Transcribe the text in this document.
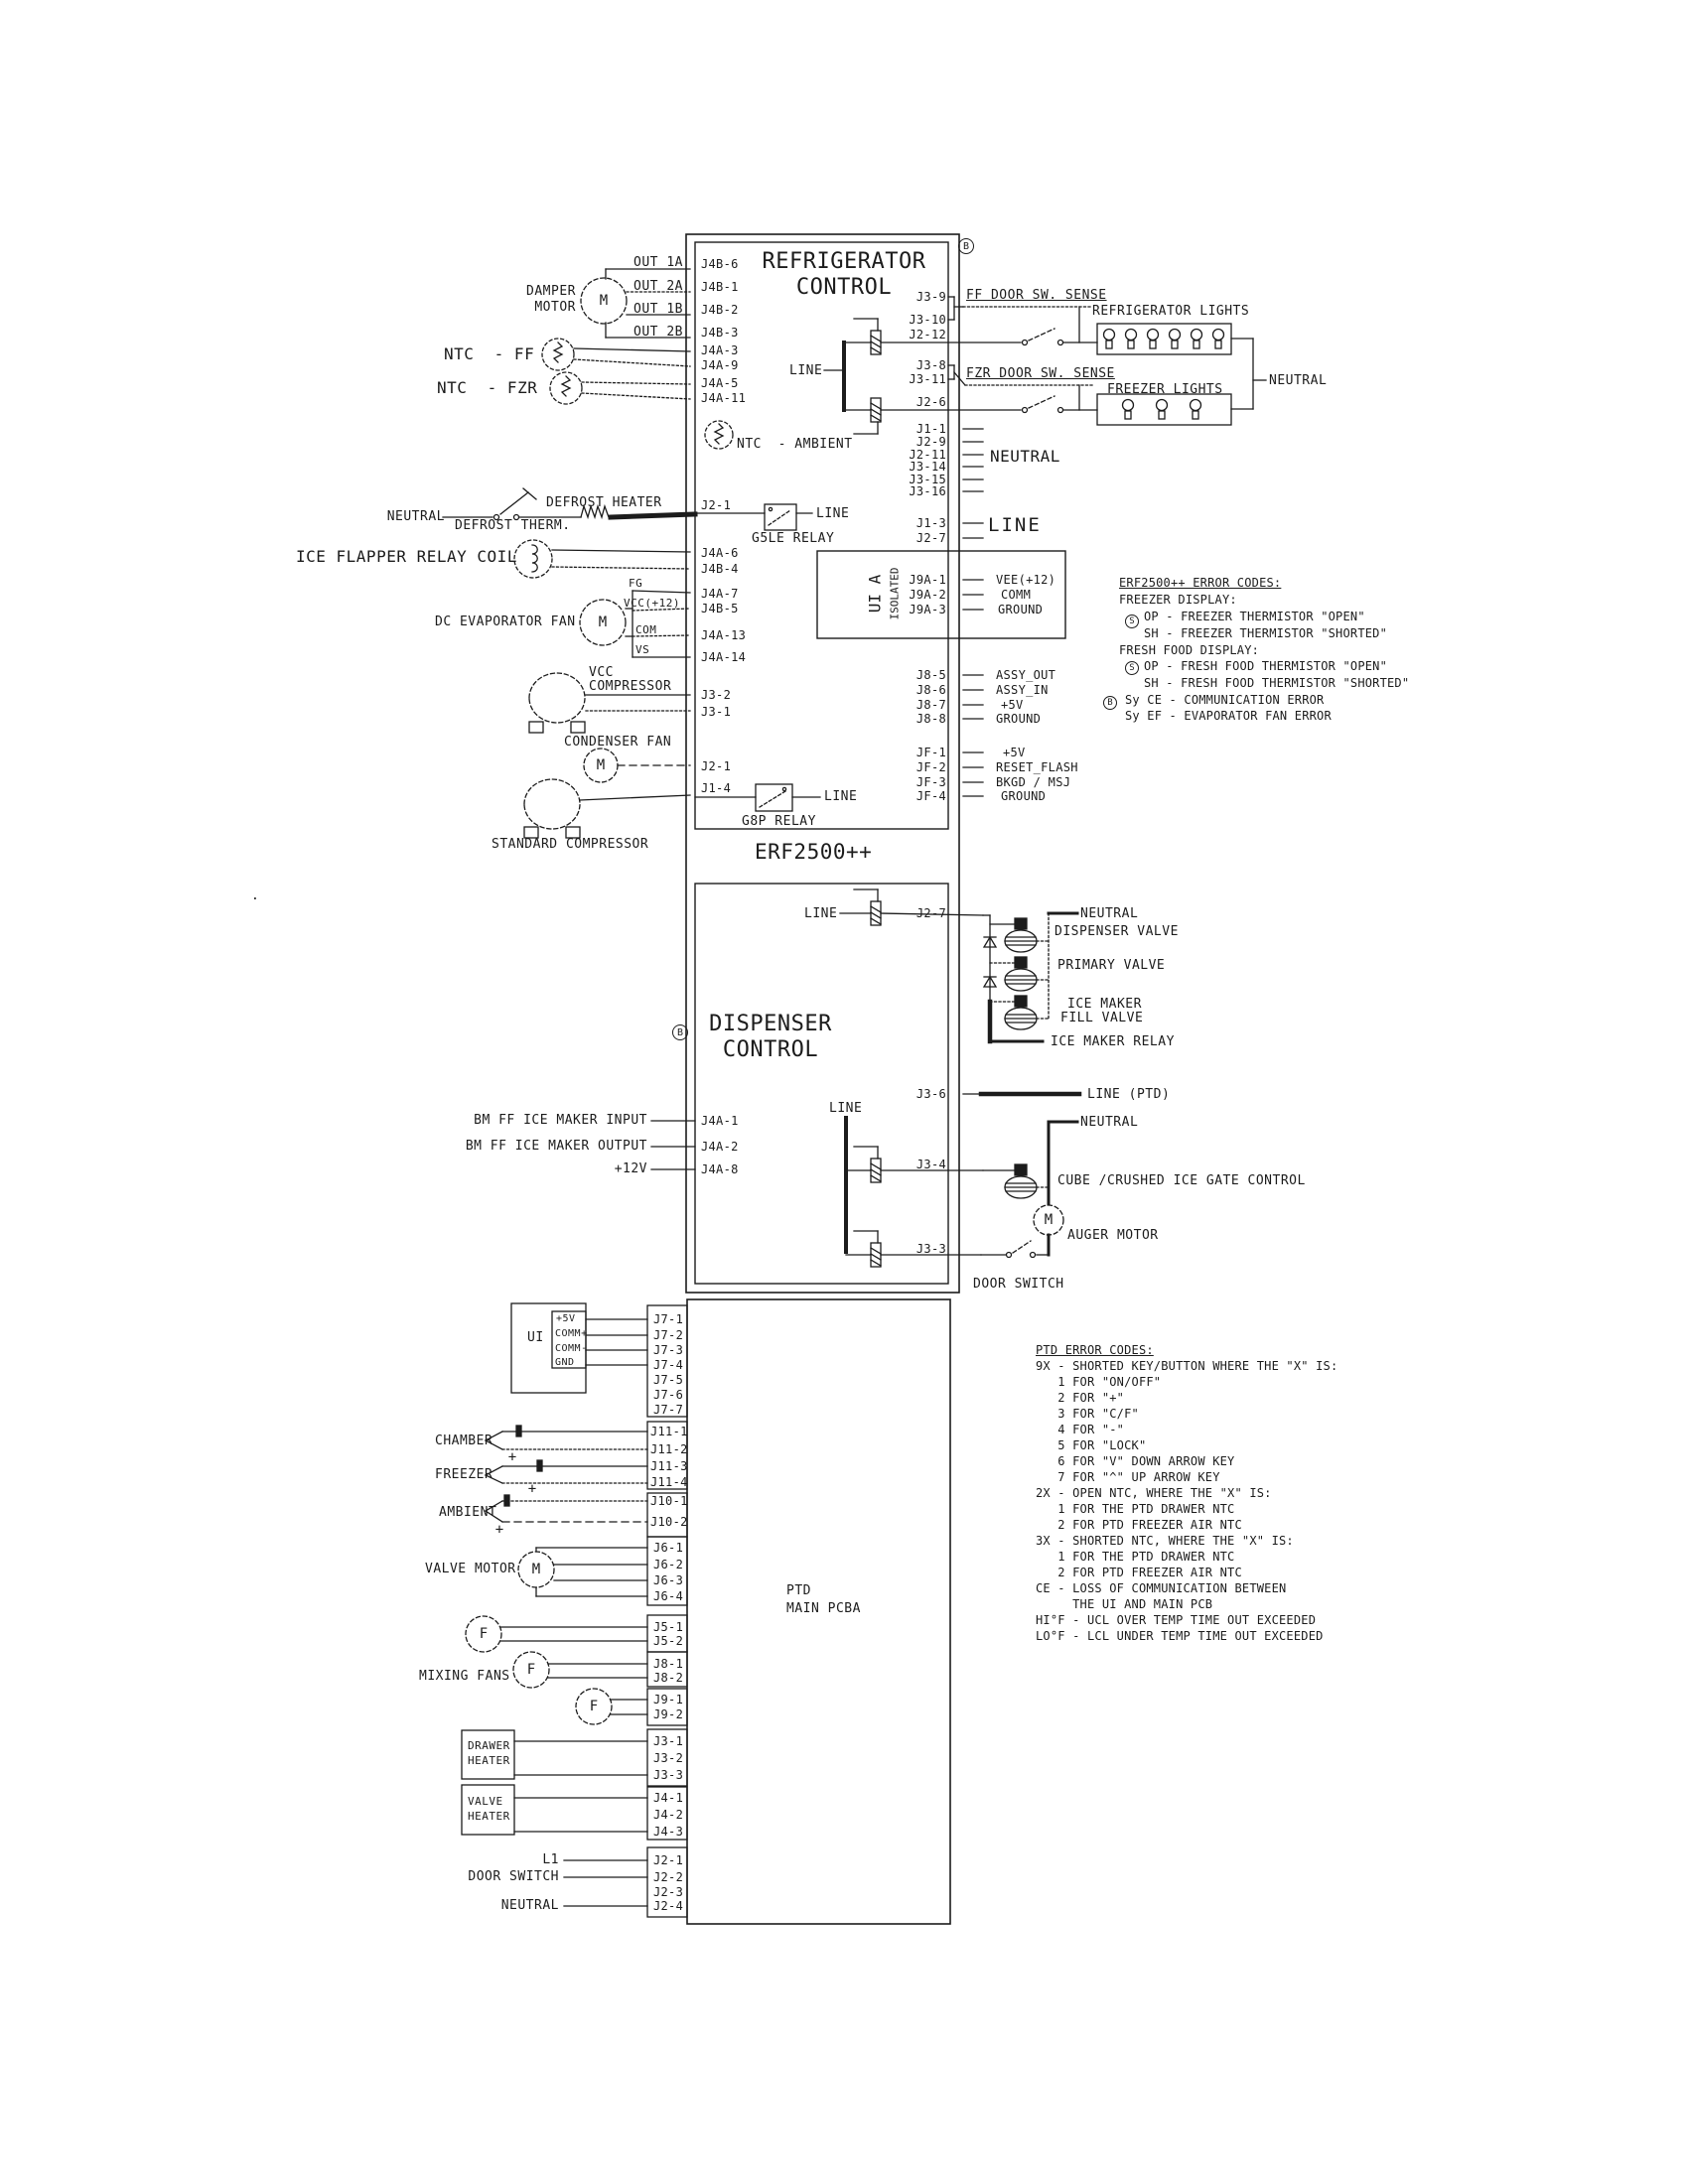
DAMPER
MOTOR
OUT 1A
OUT 2A
OUT 1B
OUT 2B
NTC  - FF
NTC  - FZR
NEUTRAL
DEFROST THERM.
DEFROST HEATER
ICE FLAPPER RELAY COIL
G5LE RELAY
LINE
DC EVAPORATOR FAN
FG
VCC(+12)
COM
VS
VCC
COMPRESSOR
CONDENSER FAN
STANDARD COMPRESSOR
G8P RELAY
LINE
REFRIGERATOR
CONTROL
NTC  - AMBIENT
LINE
FF DOOR SW. SENSE
REFRIGERATOR LIGHTS
FZR DOOR SW. SENSE
FREEZER LIGHTS
NEUTRAL
NEUTRAL
LINE
UI A ISOLATED
ERF2500++
DISPENSER
CONTROL
LINE	NEUTRAL
DISPENSER VALVE
PRIMARY VALVE
ICE MAKER
FILL VALVE
ICE MAKER RELAY
LINE (PTD)
LINE
BM FF ICE MAKER INPUT
BM FF ICE MAKER OUTPUT
+12V
NEUTRAL
CUBE /CRUSHED ICE GATE CONTROL
AUGER MOTOR
DOOR SWITCH
UI
+5V
COMM+
COMM-
GND
CHAMBER
FREEZER
AMBIENT
VALVE MOTOR
MIXING FANS
DRAWER
HEATER
VALVE
HEATER
L1
DOOR SWITCH
NEUTRAL
PTD
MAIN PCBA
.
M
M
M
M
M
F
F
F
B
B
S
S
B
+
+
+
J4B-6
J4B-1
J4B-2
J4B-3
J4A-3
J4A-9
J4A-5
J4A-11
J2-1
J4A-6
J4B-4
J4A-7
J4B-5
J4A-13
J4A-14
J3-2
J3-1
J2-1
J1-4
J3-9
J3-10
J2-12
J3-8
J3-11
J2-6
J1-1
J2-9
J2-11
J3-14
J3-15
J3-16
J1-3
J2-7
J9A-1
J9A-2
J9A-3
J8-5
J8-6
J8-7
J8-8
JF-1
JF-2
JF-3
JF-4
VEE(+12)
COMM
GROUND
ASSY_OUT
ASSY_IN
+5V
GROUND
+5V
RESET_FLASH
BKGD / MSJ
GROUND
J2-7
J3-6
J3-4
J3-3
J4A-1
J4A-2
J4A-8
J7-1
J7-2
J7-3
J7-4
J7-5
J7-6
J7-7
J11-1
J11-2
J11-3
J11-4
J10-1
J10-2
J6-1
J6-2
J6-3
J6-4
J5-1
J5-2
J8-1
J8-2
J9-1
J9-2
J3-1
J3-2
J3-3
J4-1
J4-2
J4-3
J2-1
J2-2
J2-3
J2-4
ERF2500++ ERROR CODES:
FREEZER DISPLAY:
OP - FREEZER THERMISTOR "OPEN"
SH - FREEZER THERMISTOR "SHORTED"
FRESH FOOD DISPLAY:
OP - FRESH FOOD THERMISTOR "OPEN"
SH - FRESH FOOD THERMISTOR "SHORTED"
Sy CE - COMMUNICATION ERROR
Sy EF - EVAPORATOR FAN ERROR
PTD ERROR CODES:
9X - SHORTED KEY/BUTTON WHERE THE "X" IS:
1 FOR "ON/OFF"
2 FOR "+"
3 FOR "C/F"
4 FOR "-"
5 FOR "LOCK"
6 FOR "V" DOWN ARROW KEY
7 FOR "^" UP ARROW KEY
2X - OPEN NTC, WHERE THE "X" IS:
1 FOR THE PTD DRAWER NTC
2 FOR PTD FREEZER AIR NTC
3X - SHORTED NTC, WHERE THE "X" IS:
1 FOR THE PTD DRAWER NTC
2 FOR PTD FREEZER AIR NTC
CE - LOSS OF COMMUNICATION BETWEEN
THE UI AND MAIN PCB
HI°F - UCL OVER TEMP TIME OUT EXCEEDED
LO°F - LCL UNDER TEMP TIME OUT EXCEEDED
